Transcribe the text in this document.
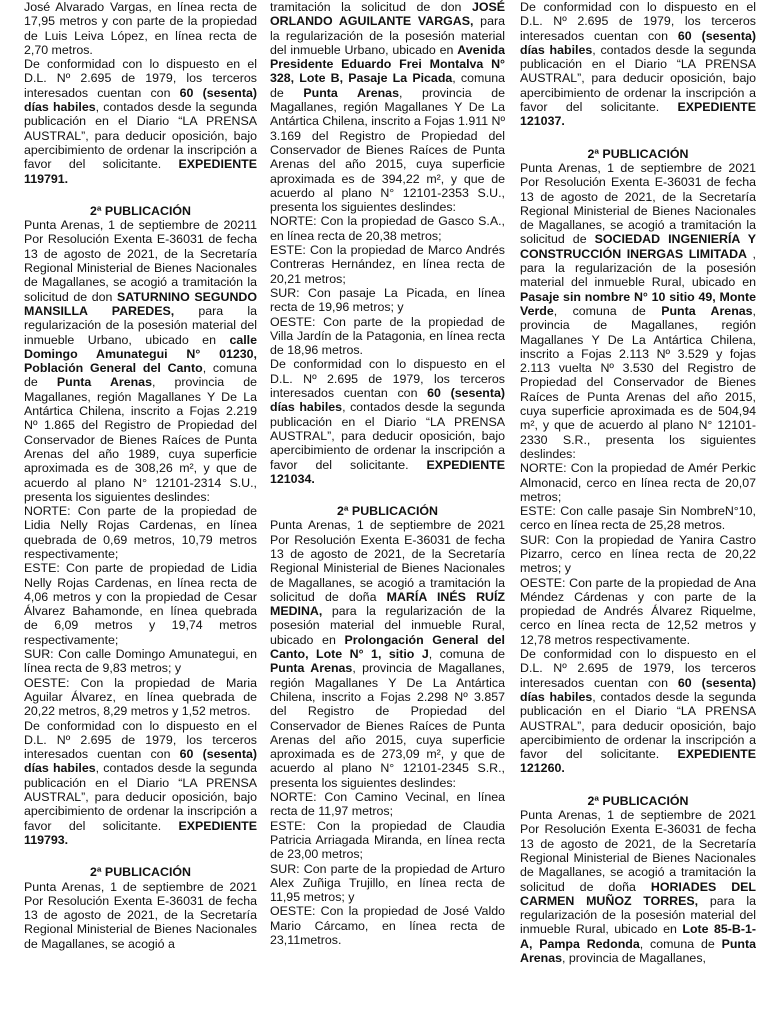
José Alvarado Vargas, en línea recta de 17,95 metros y con parte de la propiedad de Luis Leiva López, en línea recta de 2,70 metros.

De conformidad con lo dispuesto en el D.L. Nº 2.695 de 1979, los terceros interesados cuentan con 60 (sesenta) días habiles, contados desde la segunda publicación en el Diario “LA PRENSA AUSTRAL”, para deducir oposición, bajo apercibimiento de ordenar la inscripción a favor del solicitante. EXPEDIENTE 119791.

2ª PUBLICACIÓN

Punta Arenas, 1 de septiembre de 20211 Por Resolución Exenta E-36031 de fecha 13 de agosto de 2021, de la Secretaría Regional Ministerial de Bienes Nacionales de Magallanes, se acogió a tramitación la solicitud de don SATURNINO SEGUNDO MANSILLA PAREDES, para la regularización de la posesión material del inmueble Urbano, ubicado en calle Domingo Amunategui N° 01230, Población General del Canto, comuna de Punta Arenas, provincia de Magallanes, región Magallanes Y De La Antártica Chilena, inscrito a Fojas 2.219 Nº 1.865 del Registro de Propiedad del Conservador de Bienes Raíces de Punta Arenas del año 1989, cuya superficie aproximada es de 308,26 m², y que de acuerdo al plano N° 12101-2314 S.U., presenta los siguientes deslindes:

NORTE: Con parte de la propiedad de Lidia Nelly Rojas Cardenas, en línea quebrada de 0,69 metros, 10,79 metros respectivamente;

ESTE: Con parte de propiedad de Lidia Nelly Rojas Cardenas, en línea recta de 4,06 metros y con la propiedad de Cesar Álvarez Bahamonde, en línea quebrada de 6,09 metros y 19,74 metros respectivamente;

SUR: Con calle Domingo Amunategui, en línea recta de 9,83 metros; y

OESTE: Con la propiedad de Maria Aguilar Álvarez, en línea quebrada de 20,22 metros, 8,29 metros y 1,52 metros.

De conformidad con lo dispuesto en el D.L. Nº 2.695 de 1979, los terceros interesados cuentan con 60 (sesenta) días habiles, contados desde la segunda publicación en el Diario “LA PRENSA AUSTRAL”, para deducir oposición, bajo apercibimiento de ordenar la inscripción a favor del solicitante. EXPEDIENTE 119793.

2ª PUBLICACIÓN

Punta Arenas, 1 de septiembre de 2021 Por Resolución Exenta E-36031 de fecha 13 de agosto de 2021, de la Secretaría Regional Ministerial de Bienes Nacionales de Magallanes, se acogió a

tramitación la solicitud de don JOSÉ ORLANDO AGUILANTE VARGAS, para la regularización de la posesión material del inmueble Urbano, ubicado en Avenida Presidente Eduardo Frei Montalva N° 328, Lote B, Pasaje La Picada, comuna de Punta Arenas, provincia de Magallanes, región Magallanes Y De La Antártica Chilena, inscrito a Fojas 1.911 Nº 3.169 del Registro de Propiedad del Conservador de Bienes Raíces de Punta Arenas del año 2015, cuya superficie aproximada es de 394,22 m², y que de acuerdo al plano N° 12101-2353 S.U., presenta los siguientes deslindes:

NORTE: Con la propiedad de Gasco S.A., en línea recta de 20,38 metros;

ESTE: Con la propiedad de Marco Andrés Contreras Hernández, en línea recta de 20,21 metros;

SUR: Con pasaje La Picada, en línea recta de 19,96 metros; y

OESTE: Con parte de la propiedad de Villa Jardín de la Patagonia, en línea recta de 18,96 metros.

De conformidad con lo dispuesto en el D.L. Nº 2.695 de 1979, los terceros interesados cuentan con 60 (sesenta) días habiles, contados desde la segunda publicación en el Diario “LA PRENSA AUSTRAL”, para deducir oposición, bajo apercibimiento de ordenar la inscripción a favor del solicitante. EXPEDIENTE 121034.

2ª PUBLICACIÓN

Punta Arenas, 1 de septiembre de 2021 Por Resolución Exenta E-36031 de fecha 13 de agosto de 2021, de la Secretaría Regional Ministerial de Bienes Nacionales de Magallanes, se acogió a tramitación la solicitud de doña MARÍA INÉS RUÍZ MEDINA, para la regularización de la posesión material del inmueble Rural, ubicado en Prolongación General del Canto, Lote N° 1, sitio J, comuna de Punta Arenas, provincia de Magallanes, región Magallanes Y De La Antártica Chilena, inscrito a Fojas 2.298 Nº 3.857 del Registro de Propiedad del Conservador de Bienes Raíces de Punta Arenas del año 2015, cuya superficie aproximada es de 273,09 m², y que de acuerdo al plano N° 12101-2345 S.R., presenta los siguientes deslindes:

NORTE: Con Camino Vecinal, en línea recta de 11,97 metros;

ESTE: Con la propiedad de Claudia Patricia Arriagada Miranda, en línea recta de 23,00 metros;

SUR: Con parte de la propiedad de Arturo Alex Zuñiga Trujillo, en línea recta de 11,95 metros; y

OESTE: Con la propiedad de José Valdo Mario Cárcamo, en línea recta de 23,11metros.

De conformidad con lo dispuesto en el D.L. Nº 2.695 de 1979, los terceros interesados cuentan con 60 (sesenta) días habiles, contados desde la segunda publicación en el Diario “LA PRENSA AUSTRAL”, para deducir oposición, bajo apercibimiento de ordenar la inscripción a favor del solicitante. EXPEDIENTE 121037.

2ª PUBLICACIÓN

Punta Arenas, 1 de septiembre de 2021 Por Resolución Exenta E-36031 de fecha 13 de agosto de 2021, de la Secretaría Regional Ministerial de Bienes Nacionales de Magallanes, se acogió a tramitación la solicitud de SOCIEDAD INGENIERÍA Y CONSTRUCCIÓN INERGAS LIMITADA , para la regularización de la posesión material del inmueble Rural, ubicado en Pasaje sin nombre N° 10 sitio 49, Monte Verde, comuna de Punta Arenas, provincia de Magallanes, región Magallanes Y De La Antártica Chilena, inscrito a Fojas 2.113 Nº 3.529 y fojas 2.113 vuelta Nº 3.530 del Registro de Propiedad del Conservador de Bienes Raíces de Punta Arenas del año 2015, cuya superficie aproximada es de 504,94 m², y que de acuerdo al plano N° 12101-2330 S.R., presenta los siguientes deslindes:

NORTE: Con la propiedad de Amér Perkic Almonacid, cerco en línea recta de 20,07 metros;

ESTE: Con calle pasaje Sin NombreN°10, cerco en línea recta de 25,28 metros.

SUR: Con la propiedad de Yanira Castro Pizarro, cerco en línea recta de 20,22 metros; y

OESTE: Con parte de la propiedad de Ana Méndez Cárdenas y con parte de la propiedad de Andrés Álvarez Riquelme, cerco en línea recta de 12,52 metros y 12,78 metros respectivamente.

De conformidad con lo dispuesto en el D.L. Nº 2.695 de 1979, los terceros interesados cuentan con 60 (sesenta) días habiles, contados desde la segunda publicación en el Diario “LA PRENSA AUSTRAL”, para deducir oposición, bajo apercibimiento de ordenar la inscripción a favor del solicitante. EXPEDIENTE 121260.

2ª PUBLICACIÓN

Punta Arenas, 1 de septiembre de 2021 Por Resolución Exenta E-36031 de fecha 13 de agosto de 2021, de la Secretaría Regional Ministerial de Bienes Nacionales de Magallanes, se acogió a tramitación la solicitud de doña HORIADES DEL CARMEN MUÑOZ TORRES, para la regularización de la posesión material del inmueble Rural, ubicado en Lote 85-B-1-A, Pampa Redonda, comuna de Punta Arenas, provincia de Magallanes,
